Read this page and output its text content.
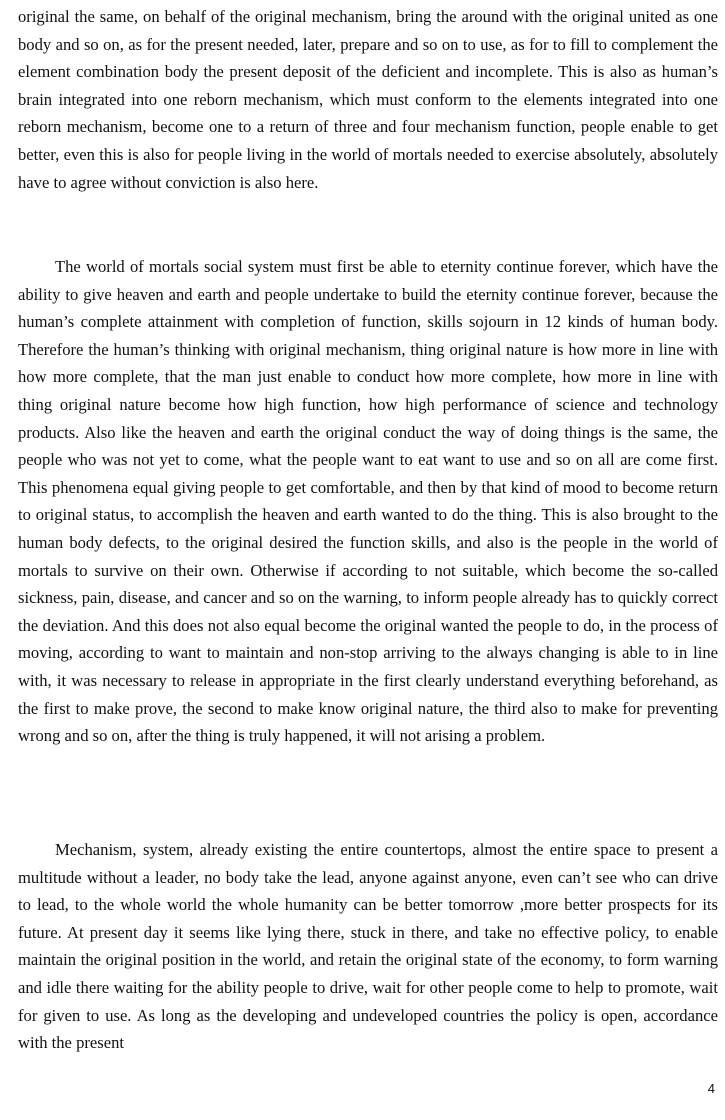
original the same, on behalf of the original mechanism, bring the around with the original united as one body and so on, as for the present needed, later, prepare and so on to use, as for to fill to complement the element combination body the present deposit of the deficient and incomplete. This is also as human’s brain integrated into one reborn mechanism, which must conform to the elements integrated into one reborn mechanism, become one to a return of three and four mechanism function, people enable to get better, even this is also for people living in the world of mortals needed to exercise absolutely, absolutely have to agree without conviction is also here.

The world of mortals social system must first be able to eternity continue forever, which have the ability to give heaven and earth and people undertake to build the eternity continue forever, because the human’s complete attainment with completion of function, skills sojourn in 12 kinds of human body. Therefore the human’s thinking with original mechanism, thing original nature is how more in line with how more complete, that the man just enable to conduct how more complete, how more in line with thing original nature become how high function, how high performance of science and technology products. Also like the heaven and earth the original conduct the way of doing things is the same, the people who was not yet to come, what the people want to eat want to use and so on all are come first. This phenomena equal giving people to get comfortable, and then by that kind of mood to become return to original status, to accomplish the heaven and earth wanted to do the thing. This is also brought to the human body defects, to the original desired the function skills, and also is the people in the world of mortals to survive on their own. Otherwise if according to not suitable, which become the so-called sickness, pain, disease, and cancer and so on the warning, to inform people already has to quickly correct the deviation. And this does not also equal become the original wanted the people to do, in the process of moving, according to want to maintain and non-stop arriving to the always changing is able to in line with, it was necessary to release in appropriate in the first clearly understand everything beforehand, as the first to make prove, the second to make know original nature, the third also to make for preventing wrong and so on, after the thing is truly happened, it will not arising a problem.

Mechanism, system, already existing the entire countertops, almost the entire space to present a multitude without a leader, no body take the lead, anyone against anyone, even can’t see who can drive to lead, to the whole world the whole humanity can be better tomorrow ,more better prospects for its future. At present day it seems like lying there, stuck in there, and take no effective policy, to enable maintain the original position in the world, and retain the original state of the economy, to form warning and idle there waiting for the ability people to drive, wait for other people come to help to promote, wait for given to use. As long as the developing and undeveloped countries the policy is open, accordance with the present

4
